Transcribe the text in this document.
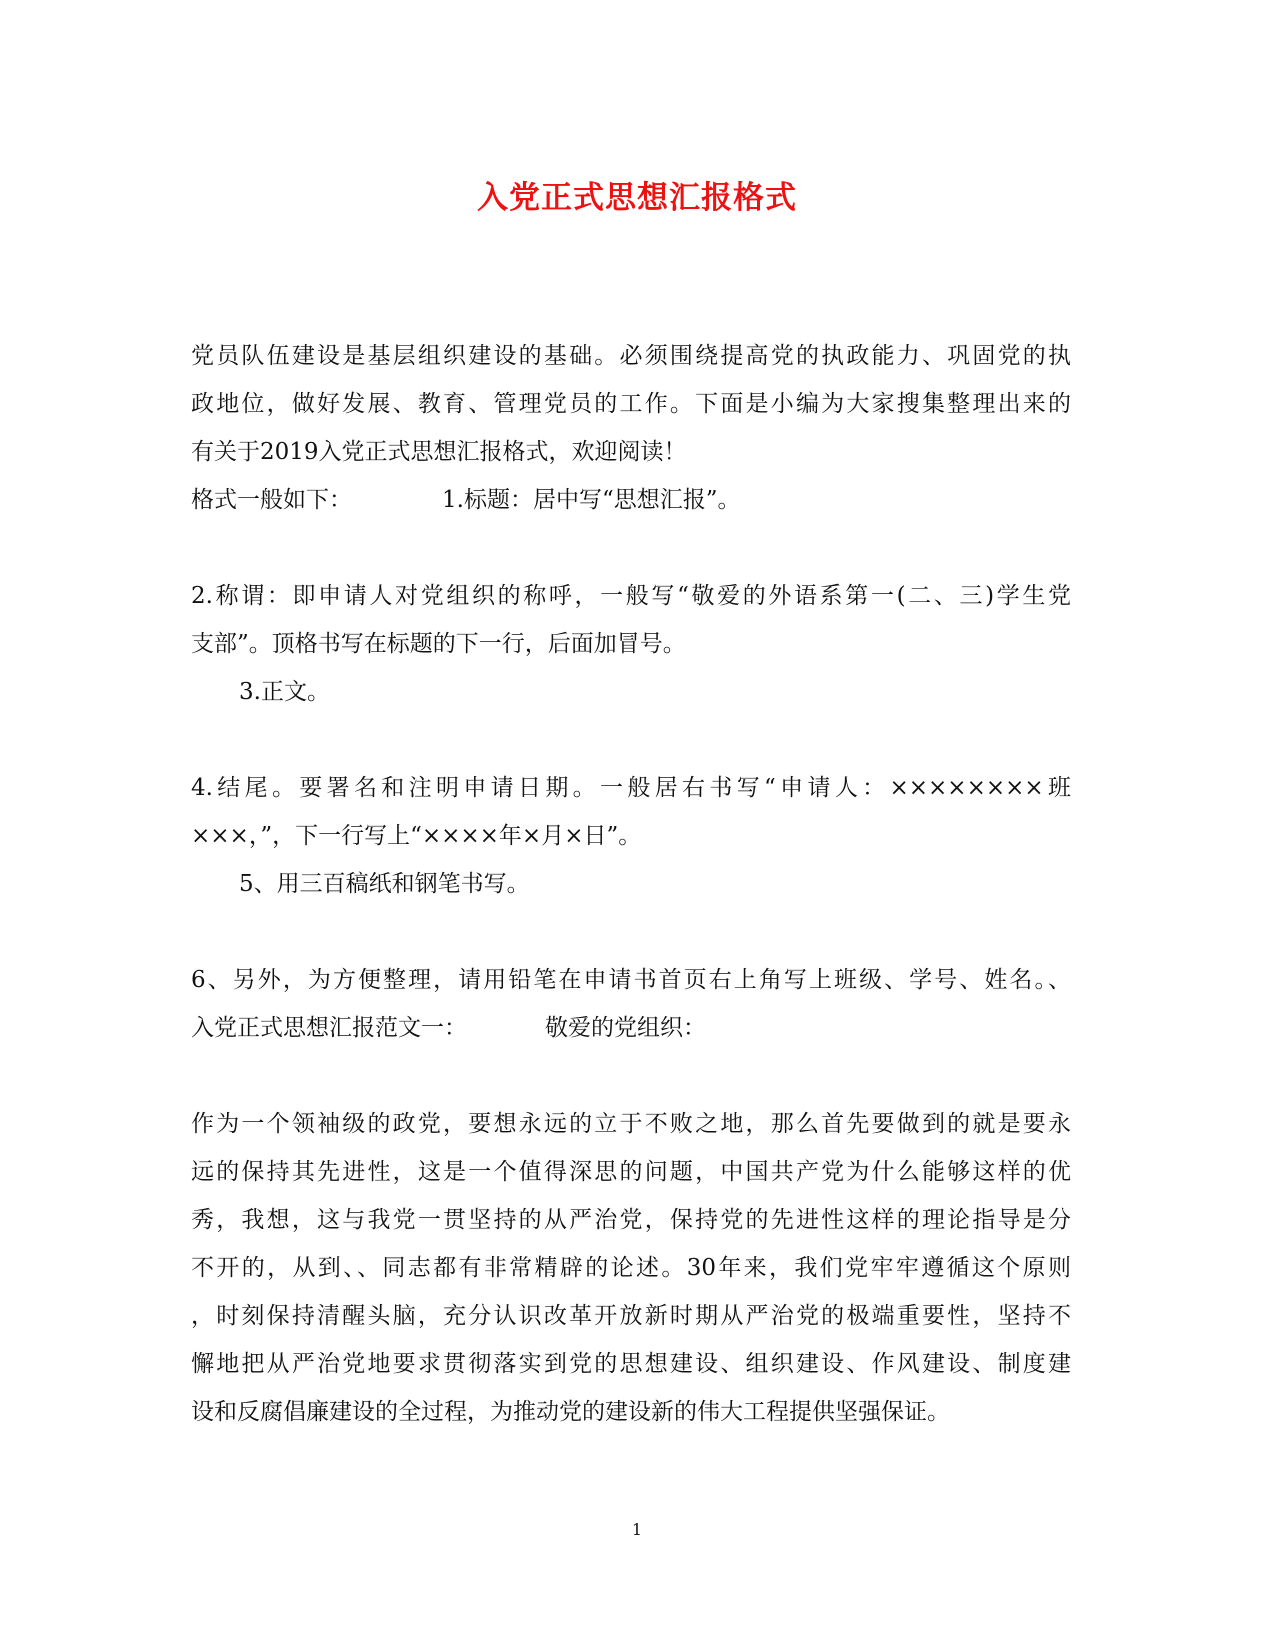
入党正式思想汇报格式
党员队伍建设是基层组织建设的基础。必须围绕提高党的执政能力、巩固党的执
政地位，做好发展、教育、管理党员的工作。下面是小编为大家搜集整理出来的
有关于2019入党正式思想汇报格式，欢迎阅读！
格式一般如下：	1.标题：居中写“思想汇报”。
2.称谓：即申请人对党组织的称呼，一般写“敬爱的外语系第一(二、三)学生党
支部”。顶格书写在标题的下一行，后面加冒号。
3.正文。
4.结尾。要署名和注明申请日期。一般居右书写“申请人：××××××××班
×××，”，下一行写上“××××年×月×日”。
5、用三百稿纸和钢笔书写。
6、另外，为方便整理，请用铅笔在申请书首页右上角写上班级、学号、姓名。、
入党正式思想汇报范文一：	敬爱的党组织：
作为一个领袖级的政党，要想永远的立于不败之地，那么首先要做到的就是要永
远的保持其先进性，这是一个值得深思的问题，中国共产党为什么能够这样的优
秀，我想，这与我党一贯坚持的从严治党，保持党的先进性这样的理论指导是分
不开的，从到、、同志都有非常精辟的论述。30年来，我们党牢牢遵循这个原则
，时刻保持清醒头脑，充分认识改革开放新时期从严治党的极端重要性，坚持不
懈地把从严治党地要求贯彻落实到党的思想建设、组织建设、作风建设、制度建
设和反腐倡廉建设的全过程，为推动党的建设新的伟大工程提供坚强保证。
1
